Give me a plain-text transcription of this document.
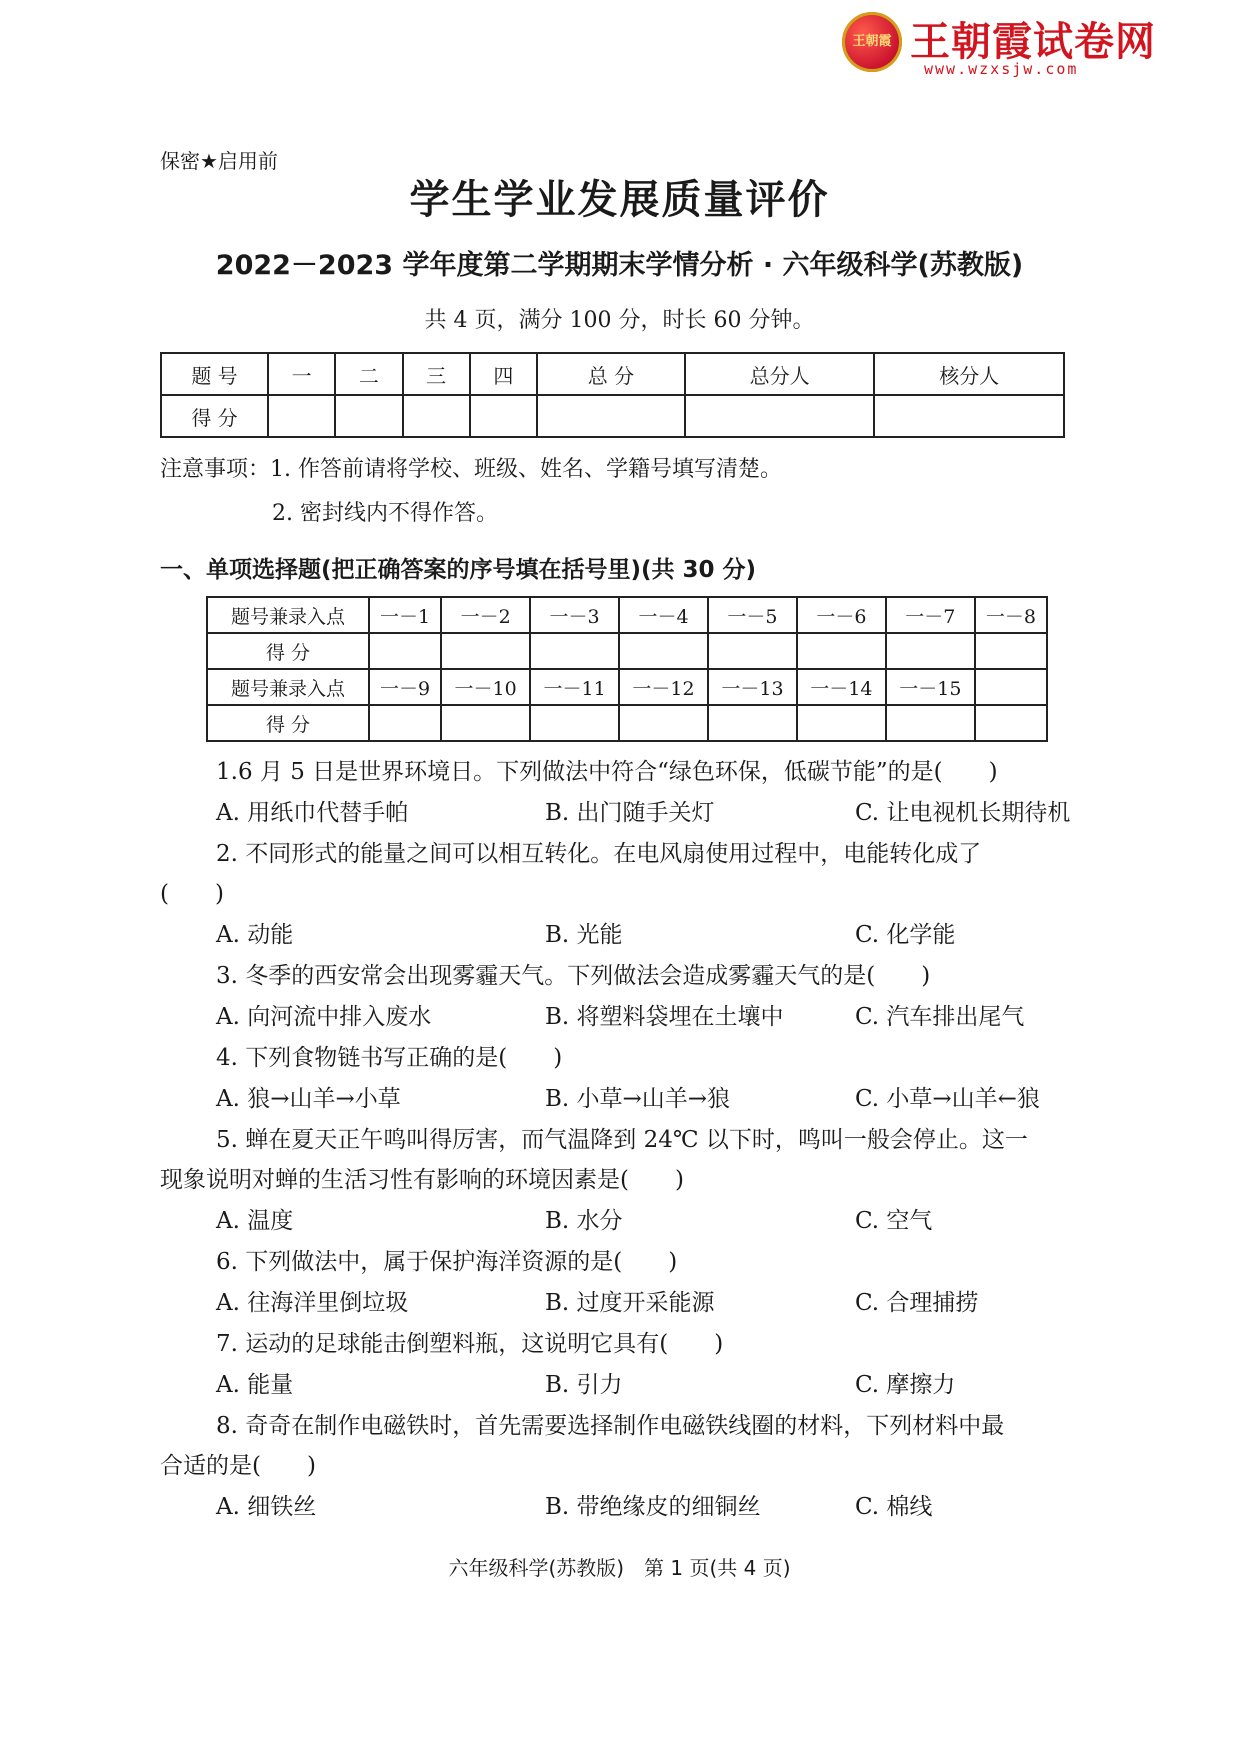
王朝霞 王朝霞试卷网
www.wzxsjw.com
保密★启用前
学生学业发展质量评价
2022－2023 学年度第二学期期末学情分析 · 六年级科学(苏教版)
共 4 页，满分 100 分，时长 60 分钟。
题 号	一	二	三	四	总 分	总分人	核分人
得 分							
注意事项：1. 作答前请将学校、班级、姓名、学籍号填写清楚。
2. 密封线内不得作答。
一、单项选择题(把正确答案的序号填在括号里)(共 30 分)
题号兼录入点	一－1	一－2	一－3	一－4	一－5	一－6	一－7	一－8
得 分								
题号兼录入点	一－9	一－10	一－11	一－12	一－13	一－14	一－15	
得 分								
1.6 月 5 日是世界环境日。下列做法中符合“绿色环保，低碳节能”的是(　　)
A. 用纸巾代替手帕	B. 出门随手关灯	C. 让电视机长期待机
2. 不同形式的能量之间可以相互转化。在电风扇使用过程中，电能转化成了
(　　)
A. 动能	B. 光能	C. 化学能
3. 冬季的西安常会出现雾霾天气。下列做法会造成雾霾天气的是(　　)
A. 向河流中排入废水	B. 将塑料袋埋在土壤中	C. 汽车排出尾气
4. 下列食物链书写正确的是(　　)
A. 狼→山羊→小草	B. 小草→山羊→狼	C. 小草→山羊←狼
5. 蝉在夏天正午鸣叫得厉害，而气温降到 24℃ 以下时，鸣叫一般会停止。这一
现象说明对蝉的生活习性有影响的环境因素是(　　)
A. 温度	B. 水分	C. 空气
6. 下列做法中，属于保护海洋资源的是(　　)
A. 往海洋里倒垃圾	B. 过度开采能源	C. 合理捕捞
7. 运动的足球能击倒塑料瓶，这说明它具有(　　)
A. 能量	B. 引力	C. 摩擦力
8. 奇奇在制作电磁铁时，首先需要选择制作电磁铁线圈的材料，下列材料中最
合适的是(　　)
A. 细铁丝	B. 带绝缘皮的细铜丝	C. 棉线
六年级科学(苏教版)　第 1 页(共 4 页)
